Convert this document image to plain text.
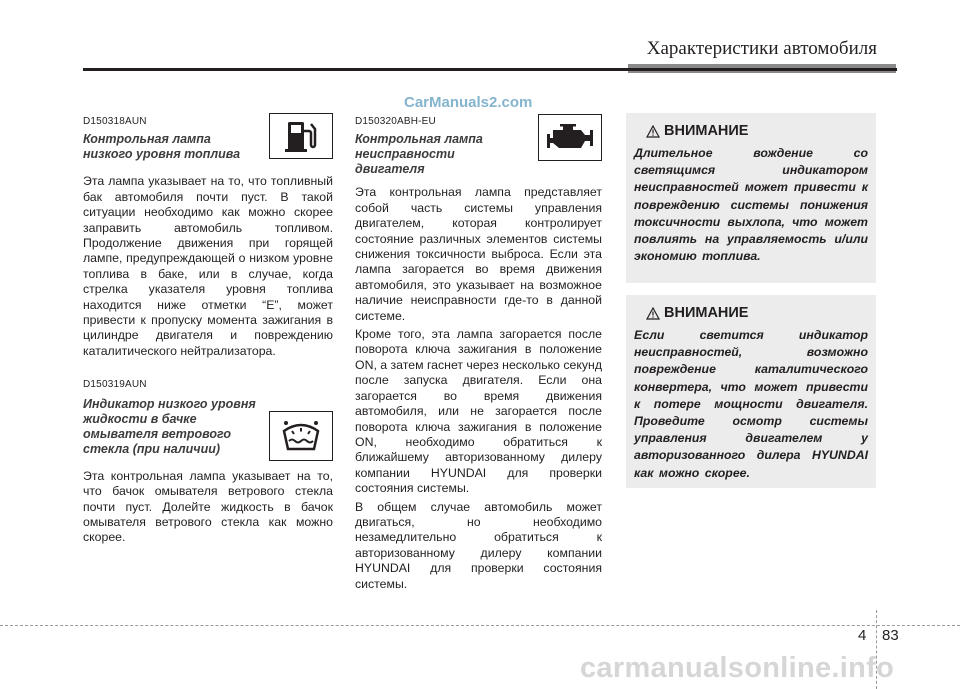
Характеристики автомобиля
CarManuals2.com
D150318AUN
Контрольная лампа низкого уровня топлива
Эта лампа указывает на то, что топливный бак автомобиля почти пуст. В такой ситуации необходимо как можно скорее заправить автомобиль топливом. Продолжение движения при горящей лампе, предупреждающей о низком уровне топлива в баке, или в случае, когда стрелка указателя уровня топлива находится ниже отметки “E”, может привести к пропуску момента зажигания в цилиндре двигателя и повреждению каталитического нейтрализатора.
D150319AUN
Индикатор низкого уровня жидкости в бачке омывателя ветрового стекла (при наличии)
Эта контрольная лампа указывает на то, что бачок омывателя ветрового стекла почти пуст. Долейте жидкость в бачок омывателя ветрового стекла как можно скорее.
D150320ABH-EU
Контрольная лампа неисправности двигателя
Эта контрольная лампа представляет собой часть системы управления двигателем, которая контролирует состояние различных элементов системы снижения токсичности выброса. Если эта лампа загорается во время движения автомобиля, это указывает на возможное наличие неисправности где-то в данной системе.
Кроме того, эта лампа загорается после поворота ключа зажигания в положение ON, а затем гаснет через несколько секунд после запуска двигателя. Если она загорается во время движения автомобиля, или не загорается после поворота ключа зажигания в положение ON, необходимо обратиться к ближайшему авторизованному дилеру компании HYUNDAI для проверки состояния системы.
В общем случае автомобиль может двигаться, но необходимо незамедлительно обратиться к авторизованному дилеру компании HYUNDAI для проверки состояния системы.
ВНИМАНИЕ
Длительное вождение со светящимся индикатором неисправностей может привести к повреждению системы понижения токсичности выхлопа, что может повлиять на управляемость и/или экономию топлива.
ВНИМАНИЕ
Если светится индикатор неисправностей, возможно повреждение каталитического конвертера, что может привести к потере мощности двигателя. Проведите осмотр системы управления двигателем у авторизованного дилера HYUNDAI как можно скорее.
4 83
carmanualsonline.info
